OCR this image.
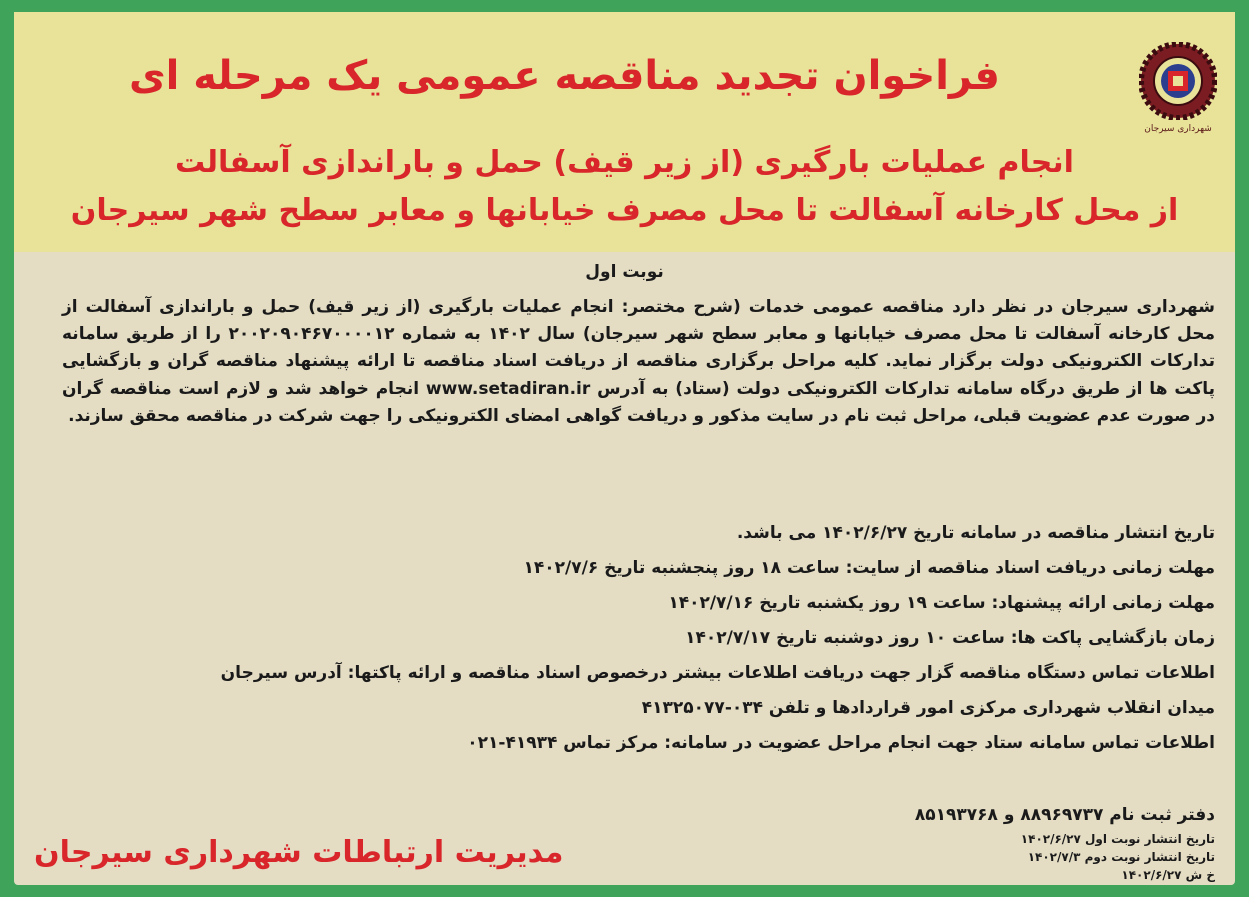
شهرداری سیرجان
فراخوان تجدید مناقصه عمومی یک مرحله ای
انجام عملیات بارگیری (از زیر قیف) حمل و باراندازی آسفالت
از محل کارخانه آسفالت تا محل مصرف خیابانها و معابر سطح شهر سیرجان
نوبت اول

شهرداری سیرجان در نظر دارد مناقصه عمومی خدمات (شرح مختصر: انجام عملیات بارگیری (از زیر قیف) حمل و باراندازی آسفالت از محل کارخانه آسفالت تا محل مصرف خیابانها و معابر سطح شهر سیرجان) سال ۱۴۰۲ به شماره ۲۰۰۲۰۹۰۴۶۷۰۰۰۰۱۲ را از طریق سامانه تدارکات الکترونیکی دولت برگزار نماید. کلیه مراحل برگزاری مناقصه از دریافت اسناد مناقصه تا ارائه پیشنهاد مناقصه گران و بازگشایی پاکت ها از طریق درگاه سامانه تدارکات الکترونیکی دولت (ستاد) به آدرس www.setadiran.ir انجام خواهد شد و لازم است مناقصه گران در صورت عدم عضویت قبلی، مراحل ثبت نام در سایت مذکور و دریافت گواهی امضای الکترونیکی را جهت شرکت در مناقصه محقق سازند.

تاریخ انتشار مناقصه در سامانه تاریخ ۱۴۰۲/۶/۲۷ می باشد.
مهلت زمانی دریافت اسناد مناقصه از سایت: ساعت ۱۸ روز پنجشنبه تاریخ ۱۴۰۲/۷/۶
مهلت زمانی ارائه پیشنهاد: ساعت ۱۹ روز یکشنبه تاریخ ۱۴۰۲/۷/۱۶
زمان بازگشایی پاکت ها: ساعت ۱۰ روز دوشنبه تاریخ ۱۴۰۲/۷/۱۷
اطلاعات تماس دستگاه مناقصه گزار جهت دریافت اطلاعات بیشتر درخصوص اسناد مناقصه و ارائه پاکتها: آدرس سیرجان
میدان انقلاب شهرداری مرکزی امور قراردادها و تلفن ۰۳۴-۴۱۳۲۵۰۷۷
اطلاعات تماس سامانه ستاد جهت انجام مراحل عضویت در سامانه: مرکز تماس ۴۱۹۳۴-۰۲۱
دفتر ثبت نام ۸۸۹۶۹۷۳۷ و ۸۵۱۹۳۷۶۸
تاریخ انتشار نوبت اول ۱۴۰۲/۶/۲۷
تاریخ انتشار نوبت دوم ۱۴۰۲/۷/۳
خ ش ۱۴۰۲/۶/۲۷
مدیریت ارتباطات شهرداری سیرجان
